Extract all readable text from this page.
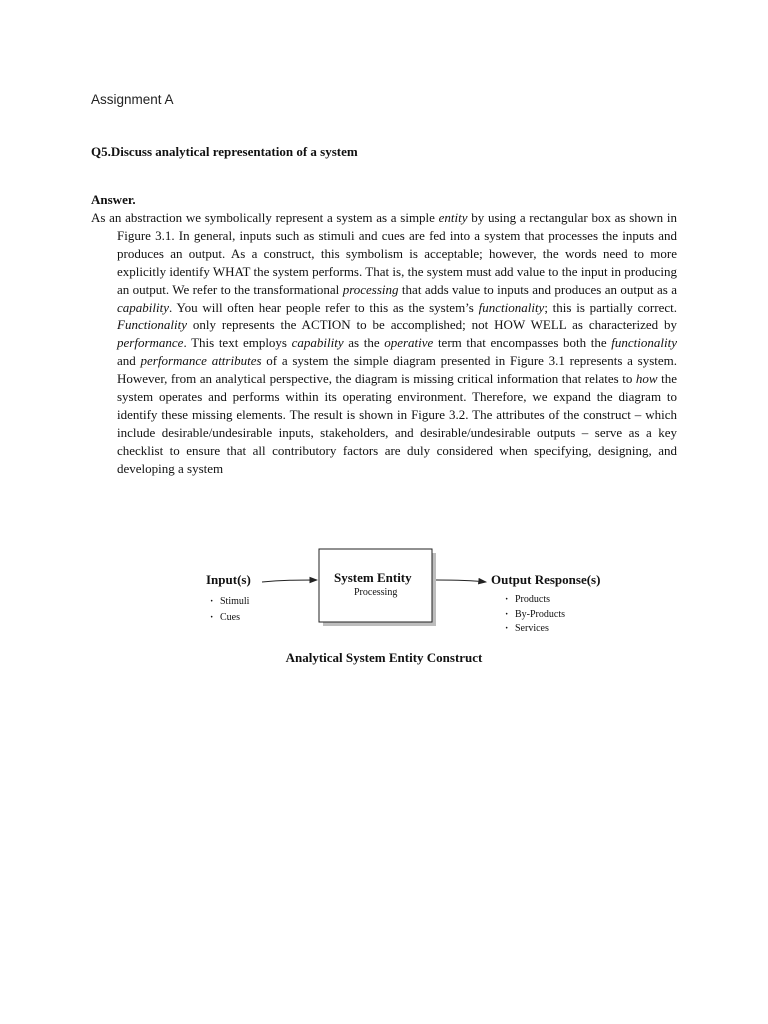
Assignment A
Q5.Discuss analytical representation of a system
Answer.

As an abstraction we symbolically represent a system as a simple entity by using a rectangular box as shown in Figure 3.1. In general, inputs such as stimuli and cues are fed into a system that processes the inputs and produces an output. As a construct, this symbolism is acceptable; however, the words need to more explicitly identify WHAT the system performs. That is, the system must add value to the input in producing an output. We refer to the transformational processing that adds value to inputs and produces an output as a capability. You will often hear people refer to this as the system’s functionality; this is partially correct. Functionality only represents the ACTION to be accomplished; not HOW WELL as characterized by performance. This text employs capability as the operative term that encompasses both the functionality and performance attributes of a system the simple diagram presented in Figure 3.1 represents a system. However, from an analytical perspective, the diagram is missing critical information that relates to how the system operates and performs within its operating environment. Therefore, we expand the diagram to identify these missing elements. The result is shown in Figure 3.2. The attributes of the construct – which include desirable/undesirable inputs, stakeholders, and desirable/undesirable outputs – serve as a key checklist to ensure that all contributory factors are duly considered when specifying, designing, and developing a system

Input(s)
· Stimuli
· Cues
System Entity
Processing
Output Response(s)
· Products
· By-Products
· Services
Analytical System Entity Construct
